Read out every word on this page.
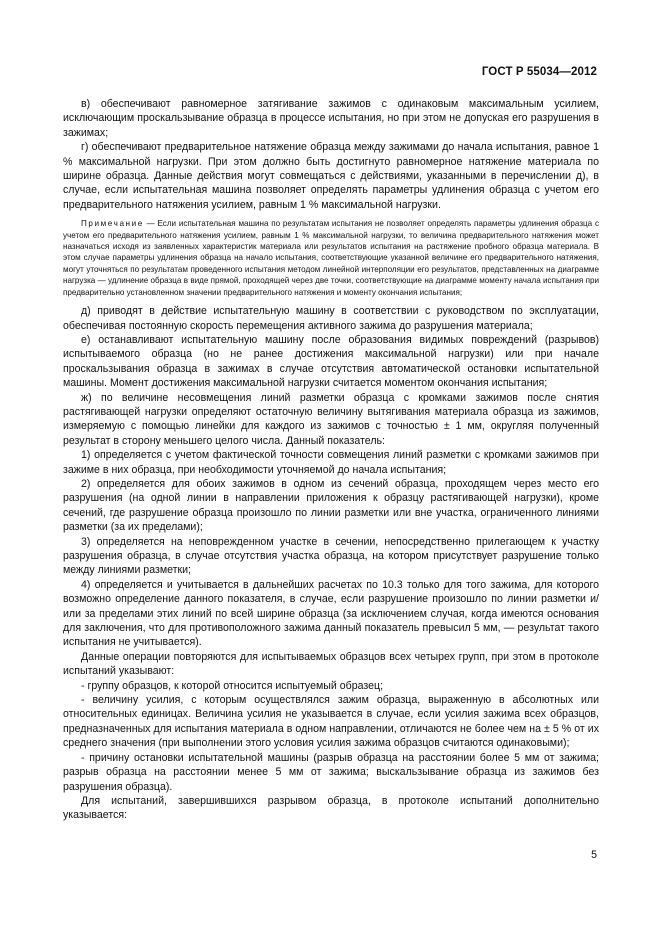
ГОСТ Р 55034—2012

в) обеспечивают равномерное затягивание зажимов с одинаковым максимальным усилием, исключающим проскальзывание образца в процессе испытания, но при этом не допуская его разрушения в зажимах;

г) обеспечивают предварительное натяжение образца между зажимами до начала испытания, равное 1 % максимальной нагрузки. При этом должно быть достигнуто равномерное натяжение материала по ширине образца. Данные действия могут совмещаться с действиями, указанными в перечислении д), в случае, если испытательная машина позволяет определять параметры удлинения образца с учетом его предварительного натяжения усилием, равным 1 % максимальной нагрузки.

Примечание — Если испытательная машина по результатам испытания не позволяет определять параметры удлинения образца с учетом его предварительного натяжения усилием, равным 1 % максимальной нагрузки, то величина предварительного натяжения может назначаться исходя из заявленных характеристик материала или результатов испытания на растяжение пробного образца материала. В этом случае параметры удлинения образца на начало испытания, соответствующие указанной величине его предварительного натяжения, могут уточняться по результатам проведенного испытания методом линейной интерполяции его результатов, представленных на диаграмме нагрузка — удлинение образца в виде прямой, проходящей через две точки, соответствующие на диаграмме моменту начала испытания при предварительно установленном значении предварительного натяжения и моменту окончания испытания;

д) приводят в действие испытательную машину в соответствии с руководством по эксплуатации, обеспечивая постоянную скорость перемещения активного зажима до разрушения материала;

е) останавливают испытательную машину после образования видимых повреждений (разрывов) испытываемого образца (но не ранее достижения максимальной нагрузки) или при начале проскальзывания образца в зажимах в случае отсутствия автоматической остановки испытательной машины. Момент достижения максимальной нагрузки считается моментом окончания испытания;

ж) по величине несовмещения линий разметки образца с кромками зажимов после снятия растягивающей нагрузки определяют остаточную величину вытягивания материала образца из зажимов, измеряемую с помощью линейки для каждого из зажимов с точностью ± 1 мм, округляя полученный результат в сторону меньшего целого числа. Данный показатель:

1) определяется с учетом фактической точности совмещения линий разметки с кромками зажимов при зажиме в них образца, при необходимости уточняемой до начала испытания;

2) определяется для обоих зажимов в одном из сечений образца, проходящем через место его разрушения (на одной линии в направлении приложения к образцу растягивающей нагрузки), кроме сечений, где разрушение образца произошло по линии разметки или вне участка, ограниченного линиями разметки (за их пределами);

3) определяется на неповрежденном участке в сечении, непосредственно прилегающем к участку разрушения образца, в случае отсутствия участка образца, на котором присутствует разрушение только между линиями разметки;

4) определяется и учитывается в дальнейших расчетах по 10.3 только для того зажима, для которого возможно определение данного показателя, в случае, если разрушение произошло по линии разметки и/или за пределами этих линий по всей ширине образца (за исключением случая, когда имеются основания для заключения, что для противоположного зажима данный показатель превысил 5 мм, — результат такого испытания не учитывается).

Данные операции повторяются для испытываемых образцов всех четырех групп, при этом в протоколе испытаний указывают:

- группу образцов, к которой относится испытуемый образец;

- величину усилия, с которым осуществлялся зажим образца, выраженную в абсолютных или относительных единицах. Величина усилия не указывается в случае, если усилия зажима всех образцов, предназначенных для испытания материала в одном направлении, отличаются не более чем на ± 5 % от их среднего значения (при выполнении этого условия усилия зажима образцов считаются одинаковыми);

- причину остановки испытательной машины (разрыв образца на расстоянии более 5 мм от зажима; разрыв образца на расстоянии менее 5 мм от зажима; выскальзывание образца из зажимов без разрушения образца).

Для испытаний, завершившихся разрывом образца, в протоколе испытаний дополнительно указывается:

5
